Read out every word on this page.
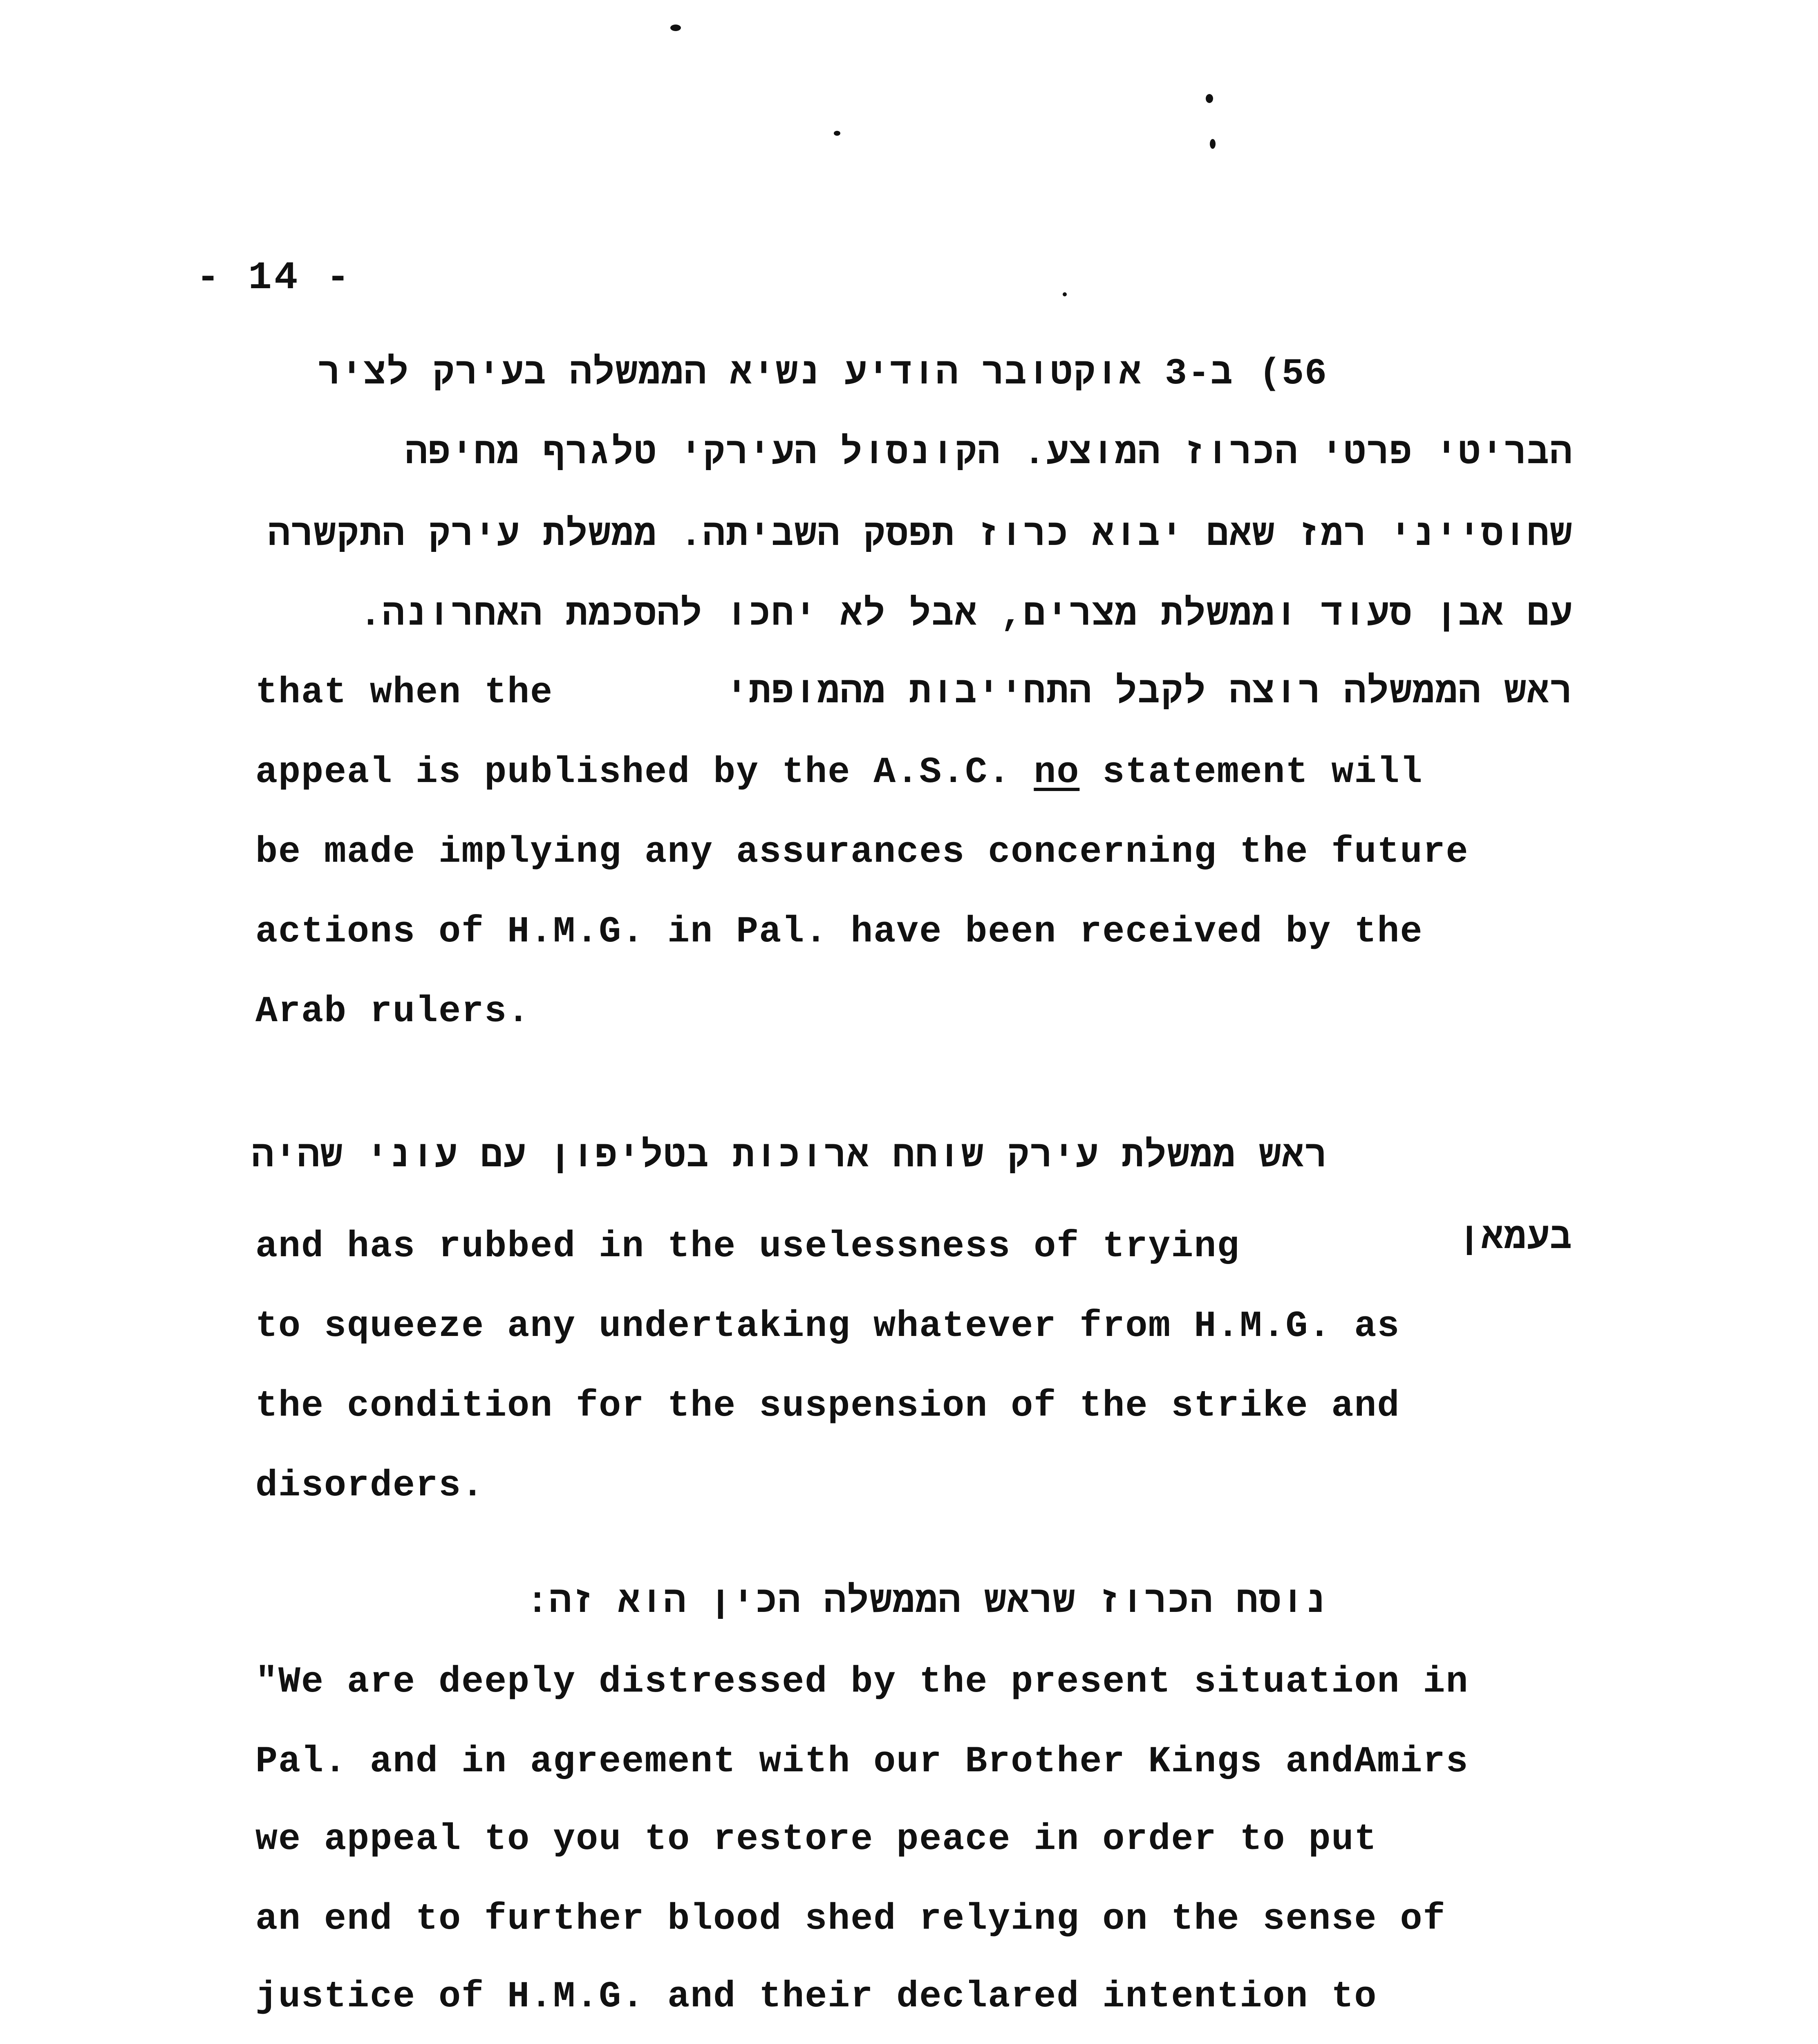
- 14 -
(56
ב-3 אוקטובר הודיע נשיא הממשלה בעירק לציר
הבריטי פרטי הכרוז המוצע. הקונסול העירקי טלגרף מחיפה
שחוסייני רמז שאם יבוא כרוז תפסק השביתה. ממשלת עירק התקשרה
עם אבן סעוד וממשלת מצרים, אבל לא יחכו להסכמת האחרונה.
ראש הממשלה רוצה לקבל התחייבות מהמופתי
that when the
appeal is published by the A.S.C. no statement will
be made implying any assurances concerning the future
actions of H.M.G. in Pal. have been received by the
Arab rulers.
ראש ממשלת עירק שוחח ארוכות בטליפון עם עוני שהיה
and has rubbed in the uselessness of trying	בעמאן
to squeeze any undertaking whatever from H.M.G. as
the condition for the suspension of the strike and
disorders.
נוסח הכרוז שראש הממשלה הכין הוא זה:
"We are deeply distressed by the present situation in
Pal. and in agreement with our Brother Kings andAmirs
we appeal to you to restore peace in order to put
an end to further blood shed relying on the sense of
justice of H.M.G. and their declared intention to
